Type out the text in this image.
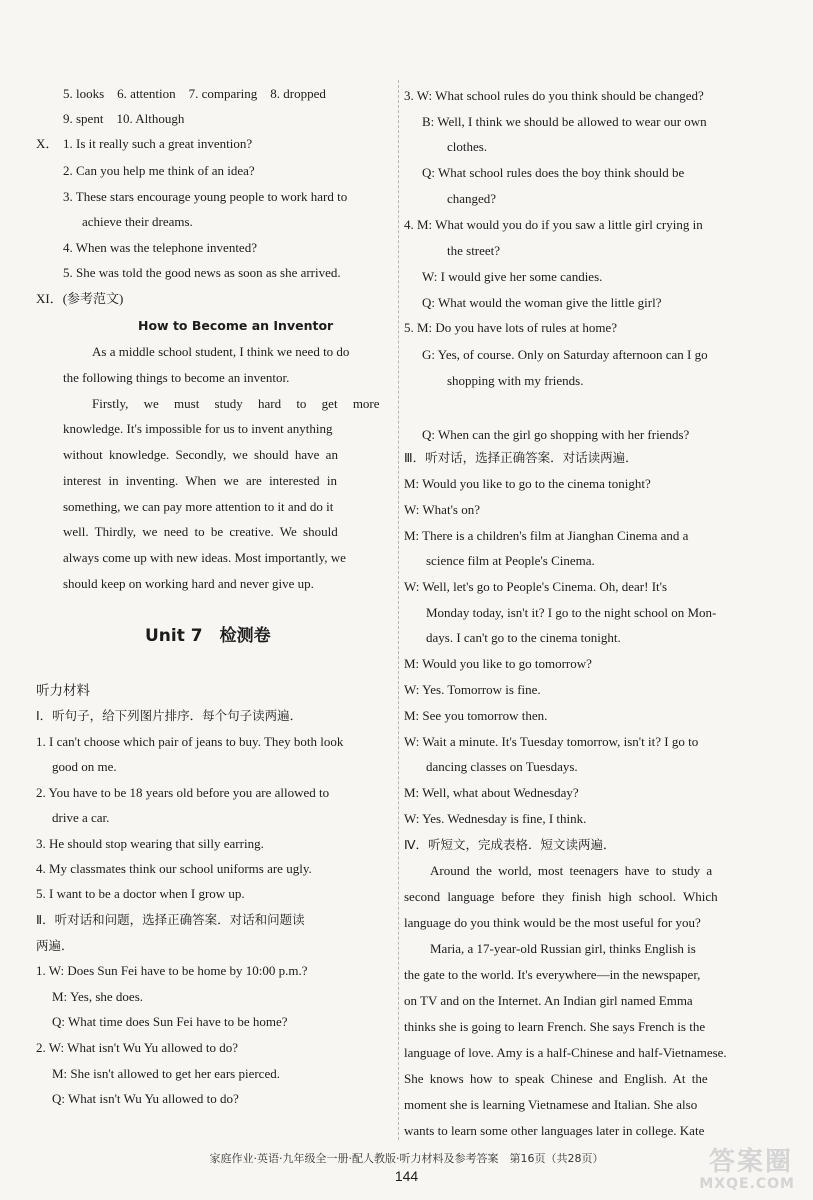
5. looks　6. attention　7. comparing　8. dropped
9. spent　10. Although
X． 1. Is it really such a great invention?
2. Can you help me think of an idea?
3. These stars encourage young people to work hard to
achieve their dreams.
4. When was the telephone invented?
5. She was told the good news as soon as she arrived.
XI．(参考范文)
How to Become an Inventor
As a middle school student, I think we need to do
the following things to become an inventor.
Firstly, we must study hard to get more
knowledge. It's impossible for us to invent anything
without knowledge. Secondly, we should have an
interest in inventing. When we are interested in
something, we can pay more attention to it and do it
well. Thirdly, we need to be creative. We should
always come up with new ideas. Most importantly, we
should keep on working hard and never give up.
Unit 7　检测卷
听力材料
Ⅰ．听句子，给下列图片排序．每个句子读两遍．
1. I can't choose which pair of jeans to buy. They both look
good on me.
2. You have to be 18 years old before you are allowed to
drive a car.
3. He should stop wearing that silly earring.
4. My classmates think our school uniforms are ugly.
5. I want to be a doctor when I grow up.
Ⅱ．听对话和问题，选择正确答案．对话和问题读
两遍．
1. W: Does Sun Fei have to be home by 10:00 p.m.?
M: Yes, she does.
Q: What time does Sun Fei have to be home?
2. W: What isn't Wu Yu allowed to do?
M: She isn't allowed to get her ears pierced.
Q: What isn't Wu Yu allowed to do?
3. W: What school rules do you think should be changed?
B: Well, I think we should be allowed to wear our own
clothes.
Q: What school rules does the boy think should be
changed?
4. M: What would you do if you saw a little girl crying in
the street?
W: I would give her some candies.
Q: What would the woman give the little girl?
5. M: Do you have lots of rules at home?
G: Yes, of course. Only on Saturday afternoon can I go
shopping with my friends.
Q: When can the girl go shopping with her friends?
Ⅲ．听对话，选择正确答案．对话读两遍．
M: Would you like to go to the cinema tonight?
W: What's on?
M: There is a children's film at Jianghan Cinema and a
science film at People's Cinema.
W: Well, let's go to People's Cinema. Oh, dear! It's
Monday today, isn't it? I go to the night school on Mon-
days. I can't go to the cinema tonight.
M: Would you like to go tomorrow?
W: Yes. Tomorrow is fine.
M: See you tomorrow then.
W: Wait a minute. It's Tuesday tomorrow, isn't it? I go to
dancing classes on Tuesdays.
M: Well, what about Wednesday?
W: Yes. Wednesday is fine, I think.
Ⅳ．听短文，完成表格．短文读两遍．
Around the world, most teenagers have to study a
second language before they finish high school. Which
language do you think would be the most useful for you?
Maria, a 17-year-old Russian girl, thinks English is
the gate to the world. It's everywhere—in the newspaper,
on TV and on the Internet. An Indian girl named Emma
thinks she is going to learn French. She says French is the
language of love. Amy is a half-Chinese and half-Vietnamese.
She knows how to speak Chinese and English. At the
moment she is learning Vietnamese and Italian. She also
wants to learn some other languages later in college. Kate
家庭作业·英语·九年级全一册·配人教版·听力材料及参考答案　第16页（共28页）
144	答案圈
MXQE.COM
